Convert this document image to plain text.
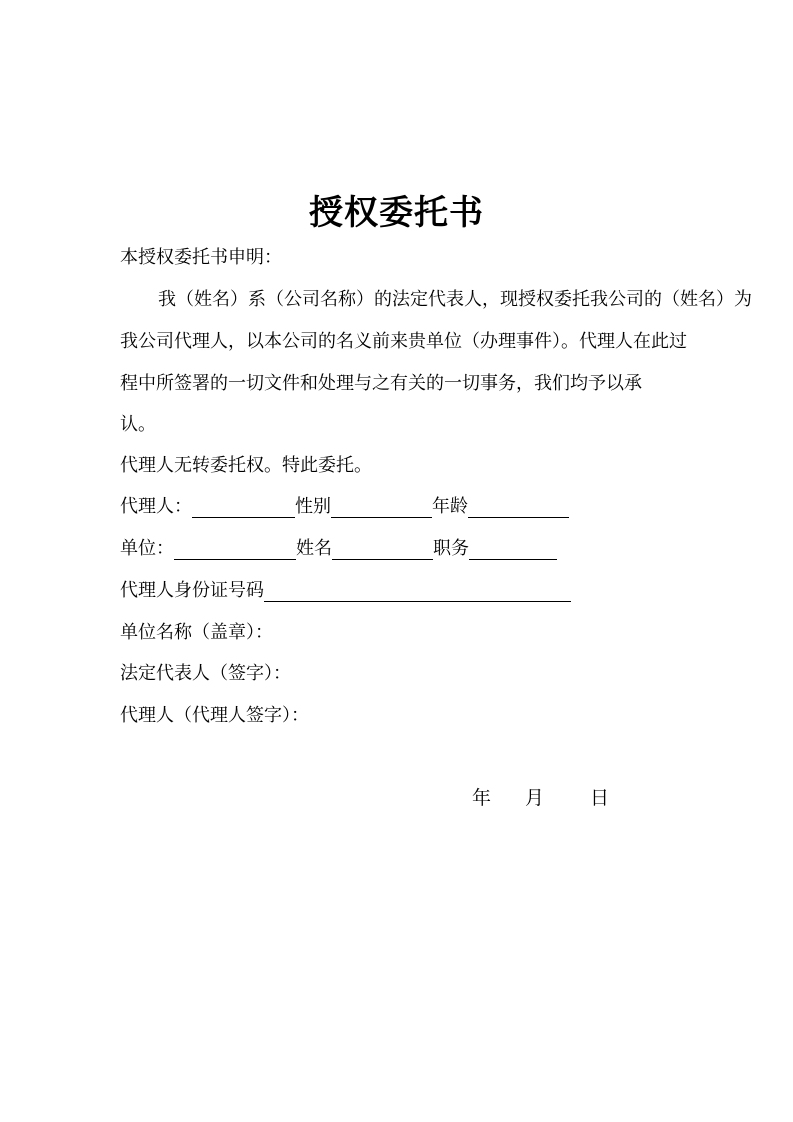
授权委托书
本授权委托书申明：
我（姓名）系（公司名称）的法定代表人，现授权委托我公司的（姓名）为
我公司代理人，以本公司的名义前来贵单位（办理事件）。代理人在此过
程中所签署的一切文件和处理与之有关的一切事务，我们均予以承
认。
代理人无转委托权。特此委托。
代理人：	性别	年龄
单位：	姓名	职务
代理人身份证号码
单位名称（盖章）：
法定代表人（签字）：
代理人（代理人签字）：
年 月 日
